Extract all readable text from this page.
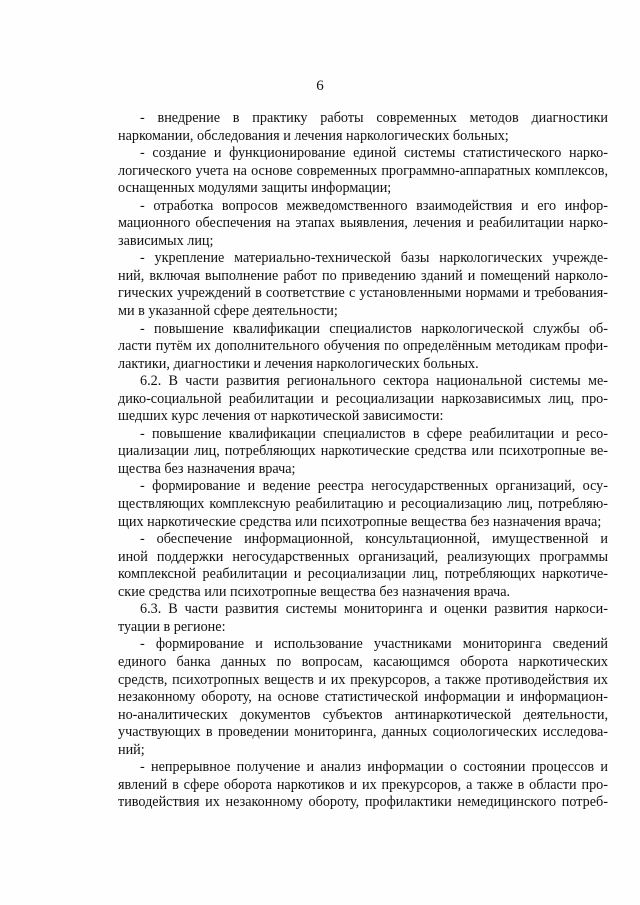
6
- внедрение в практику работы современных методов диагностики
наркомании, обследования и лечения наркологических больных;
- создание и функционирование единой системы статистического нарко-
логического учета на основе современных программно-аппаратных комплексов,
оснащенных модулями защиты информации;
- отработка вопросов межведомственного взаимодействия и его инфор-
мационного обеспечения на этапах выявления, лечения и реабилитации нарко-
зависимых лиц;
- укрепление материально-технической базы наркологических учрежде-
ний, включая выполнение работ по приведению зданий и помещений нарколо-
гических учреждений в соответствие с установленными нормами и требования-
ми в указанной сфере деятельности;
- повышение квалификации специалистов наркологической службы об-
ласти путём их дополнительного обучения по определённым методикам профи-
лактики, диагностики и лечения наркологических больных.
6.2. В части развития регионального сектора национальной системы ме-
дико-социальной реабилитации и ресоциализации наркозависимых лиц, про-
шедших курс лечения от наркотической зависимости:
- повышение квалификации специалистов в сфере реабилитации и ресо-
циализации лиц, потребляющих наркотические средства или психотропные ве-
щества без назначения врача;
- формирование и ведение реестра негосударственных организаций, осу-
ществляющих комплексную реабилитацию и ресоциализацию лиц, потребляю-
щих наркотические средства или психотропные вещества без назначения врача;
- обеспечение информационной, консультационной, имущественной и
иной поддержки негосударственных организаций, реализующих программы
комплексной реабилитации и ресоциализации лиц, потребляющих наркотиче-
ские средства или психотропные вещества без назначения врача.
6.3. В части развития системы мониторинга и оценки развития наркоси-
туации в регионе:
- формирование и использование участниками мониторинга сведений
единого банка данных по вопросам, касающимся оборота наркотических
средств, психотропных веществ и их прекурсоров, а также противодействия их
незаконному обороту, на основе статистической информации и информацион-
но-аналитических документов субъектов антинаркотической деятельности,
участвующих в проведении мониторинга, данных социологических исследова-
ний;
- непрерывное получение и анализ информации о состоянии процессов и
явлений в сфере оборота наркотиков и их прекурсоров, а также в области про-
тиводействия их незаконному обороту, профилактики немедицинского потреб-
